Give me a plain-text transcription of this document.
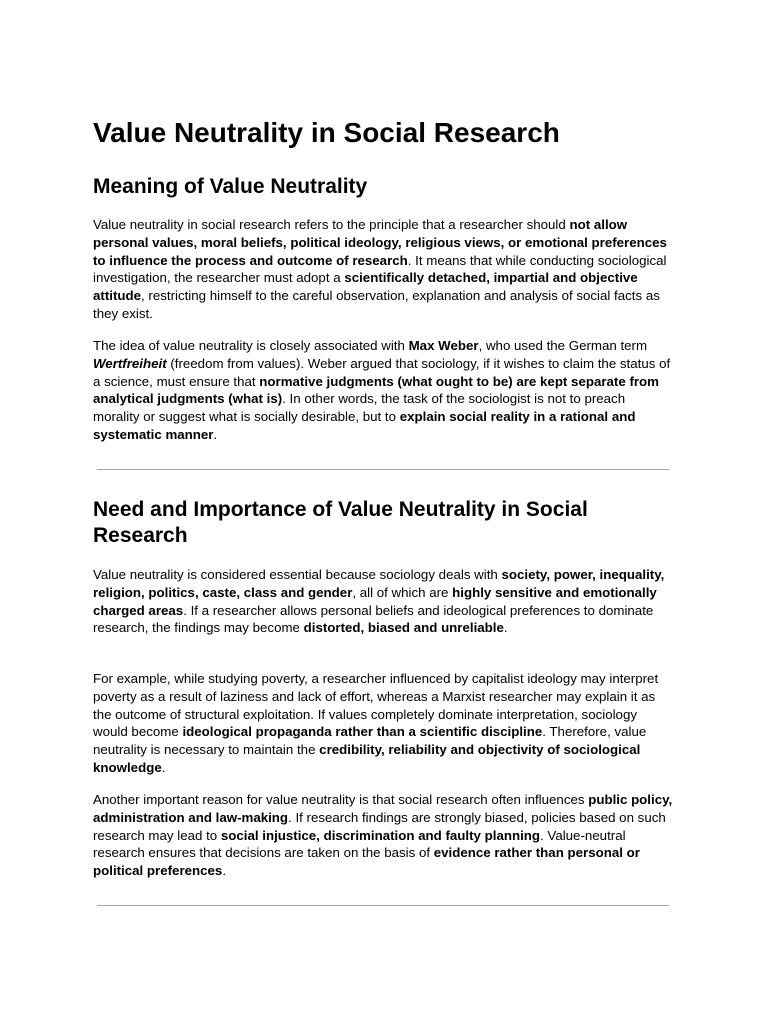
Value Neutrality in Social Research
Meaning of Value Neutrality

Value neutrality in social research refers to the principle that a researcher should not allow personal values, moral beliefs, political ideology, religious views, or emotional preferences to influence the process and outcome of research. It means that while conducting sociological investigation, the researcher must adopt a scientifically detached, impartial and objective attitude, restricting himself to the careful observation, explanation and analysis of social facts as they exist.

The idea of value neutrality is closely associated with Max Weber, who used the German term Wertfreiheit (freedom from values). Weber argued that sociology, if it wishes to claim the status of a science, must ensure that normative judgments (what ought to be) are kept separate from analytical judgments (what is). In other words, the task of the sociologist is not to preach morality or suggest what is socially desirable, but to explain social reality in a rational and systematic manner.

Need and Importance of Value Neutrality in Social Research

Value neutrality is considered essential because sociology deals with society, power, inequality, religion, politics, caste, class and gender, all of which are highly sensitive and emotionally charged areas. If a researcher allows personal beliefs and ideological preferences to dominate research, the findings may become distorted, biased and unreliable.

For example, while studying poverty, a researcher influenced by capitalist ideology may interpret poverty as a result of laziness and lack of effort, whereas a Marxist researcher may explain it as the outcome of structural exploitation. If values completely dominate interpretation, sociology would become ideological propaganda rather than a scientific discipline. Therefore, value neutrality is necessary to maintain the credibility, reliability and objectivity of sociological knowledge.

Another important reason for value neutrality is that social research often influences public policy, administration and law-making. If research findings are strongly biased, policies based on such research may lead to social injustice, discrimination and faulty planning. Value-neutral research ensures that decisions are taken on the basis of evidence rather than personal or political preferences.
